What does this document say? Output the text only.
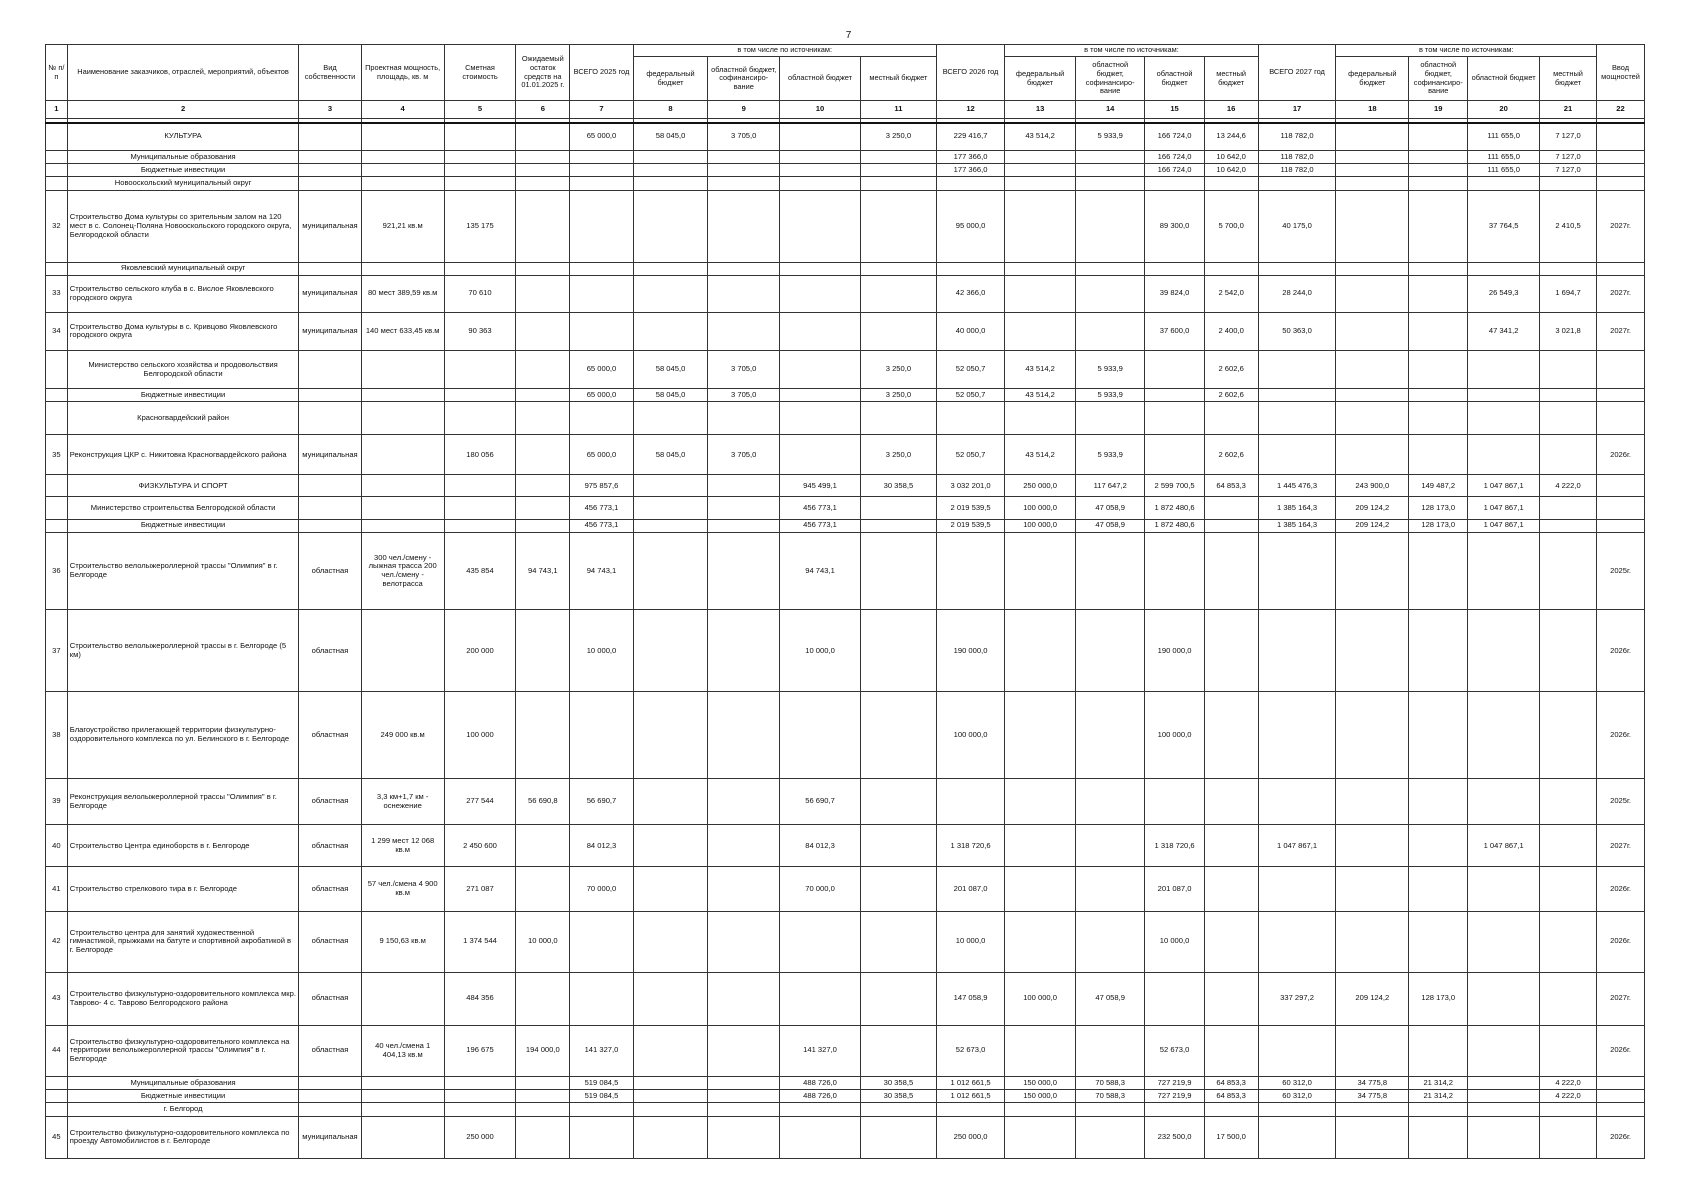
7
№ п/п	Наименование заказчиков, отраслей, мероприятий, объектов	Вид собственности	Проектная мощность, площадь, кв. м	Сметная стоимость	Ожидаемый остаток средств на 01.01.2025 г.	ВСЕГО 2025 год	в том числе по источникам:				ВСЕГО 2026 год	в том числе по источникам:				ВСЕГО 2027 год	в том числе по источникам:				Ввод мощностей
							федеральный бюджет	областной бюджет, софинансиро- вание	областной бюджет	местный бюджет		федеральный бюджет	областной бюджет, софинансиро- вание	областной бюджет	местный бюджет		федеральный бюджет	областной бюджет, софинансиро- вание	областной бюджет	местный бюджет	
1	2	3	4	5	6	7	8	9	10	11	12	13	14	15	16	17	18	19	20	21	22

	КУЛЬТУРА					65 000,0	58 045,0	3 705,0		3 250,0	229 416,7	43 514,2	5 933,9	166 724,0	13 244,6	118 782,0			111 655,0	7 127,0	
	Муниципальные образования										177 366,0			166 724,0	10 642,0	118 782,0			111 655,0	7 127,0	
	Бюджетные инвестиции										177 366,0			166 724,0	10 642,0	118 782,0			111 655,0	7 127,0	
	Новооскольский муниципальный округ																				
32	Строительство Дома культуры со зрительным залом на 120 мест в с. Солонец-Поляна Новооскольского городского округа, Белгородской области	муниципальная	921,21 кв.м	135 175							95 000,0			89 300,0	5 700,0	40 175,0			37 764,5	2 410,5	2027г.
	Яковлевский муниципальный округ																				
33	Строительство сельского клуба в с. Вислое Яковлевского городского округа	муниципальная	80 мест 389,59 кв.м	70 610							42 366,0			39 824,0	2 542,0	28 244,0			26 549,3	1 694,7	2027г.
34	Строительство Дома культуры в с. Кривцово Яковлевского городского округа	муниципальная	140 мест 633,45 кв.м	90 363							40 000,0			37 600,0	2 400,0	50 363,0			47 341,2	3 021,8	2027г.
	Министерство сельского хозяйства и продовольствия Белгородской области					65 000,0	58 045,0	3 705,0		3 250,0	52 050,7	43 514,2	5 933,9		2 602,6						
	Бюджетные инвестиции					65 000,0	58 045,0	3 705,0		3 250,0	52 050,7	43 514,2	5 933,9		2 602,6						
	Красногвардейский район																				
35	Реконструкция ЦКР с. Никитовка Красногвардейского района	муниципальная		180 056		65 000,0	58 045,0	3 705,0		3 250,0	52 050,7	43 514,2	5 933,9		2 602,6						2026г.
	ФИЗКУЛЬТУРА И СПОРТ					975 857,6			945 499,1	30 358,5	3 032 201,0	250 000,0	117 647,2	2 599 700,5	64 853,3	1 445 476,3	243 900,0	149 487,2	1 047 867,1	4 222,0	
	Министерство строительства Белгородской области					456 773,1			456 773,1		2 019 539,5	100 000,0	47 058,9	1 872 480,6		1 385 164,3	209 124,2	128 173,0	1 047 867,1		
	Бюджетные инвестиции					456 773,1			456 773,1		2 019 539,5	100 000,0	47 058,9	1 872 480,6		1 385 164,3	209 124,2	128 173,0	1 047 867,1		
36	Строительство велолыжероллерной трассы "Олимпия" в г. Белгороде	областная	300 чел./смену - лыжная трасса 200 чел./смену - велотрасса	435 854	94 743,1	94 743,1			94 743,1												2025г.
37	Строительство велолыжероллерной трассы в г. Белгороде (5 км)	областная		200 000		10 000,0			10 000,0		190 000,0			190 000,0							2026г.
38	Благоустройство прилегающей территории физкультурно-оздоровительного комплекса по ул. Белинского в г. Белгороде	областная	249 000 кв.м	100 000							100 000,0			100 000,0							2026г.
39	Реконструкция велолыжероллерной трассы "Олимпия" в г. Белгороде	областная	3,3 км+1,7 км - оснежение	277 544	56 690,8	56 690,7			56 690,7												2025г.
40	Строительство Центра единоборств в г. Белгороде	областная	1 299 мест 12 068 кв.м	2 450 600		84 012,3			84 012,3		1 318 720,6			1 318 720,6		1 047 867,1			1 047 867,1		2027г.
41	Строительство стрелкового тира в г. Белгороде	областная	57 чел./смена 4 900 кв.м	271 087		70 000,0			70 000,0		201 087,0			201 087,0							2026г.
42	Строительство центра для занятий художественной гимнастикой, прыжками на батуте и спортивной акробатикой в г. Белгороде	областная	9 150,63 кв.м	1 374 544	10 000,0						10 000,0			10 000,0							2026г.
43	Строительство физкультурно-оздоровительного комплекса мкр. Таврово- 4 с. Таврово Белгородского района	областная		484 356							147 058,9	100 000,0	47 058,9			337 297,2	209 124,2	128 173,0			2027г.
44	Строительство физкультурно-оздоровительного комплекса на территории велолыжероллерной трассы "Олимпия" в г. Белгороде	областная	40 чел./смена 1 404,13 кв.м	196 675	194 000,0	141 327,0			141 327,0		52 673,0			52 673,0							2026г.
	Муниципальные образования					519 084,5			488 726,0	30 358,5	1 012 661,5	150 000,0	70 588,3	727 219,9	64 853,3	60 312,0	34 775,8	21 314,2		4 222,0	
	Бюджетные инвестиции					519 084,5			488 726,0	30 358,5	1 012 661,5	150 000,0	70 588,3	727 219,9	64 853,3	60 312,0	34 775,8	21 314,2		4 222,0	
	г. Белгород																				
45	Строительство физкультурно-оздоровительного комплекса по проезду Автомобилистов в г. Белгороде	муниципальная		250 000							250 000,0			232 500,0	17 500,0						2026г.
